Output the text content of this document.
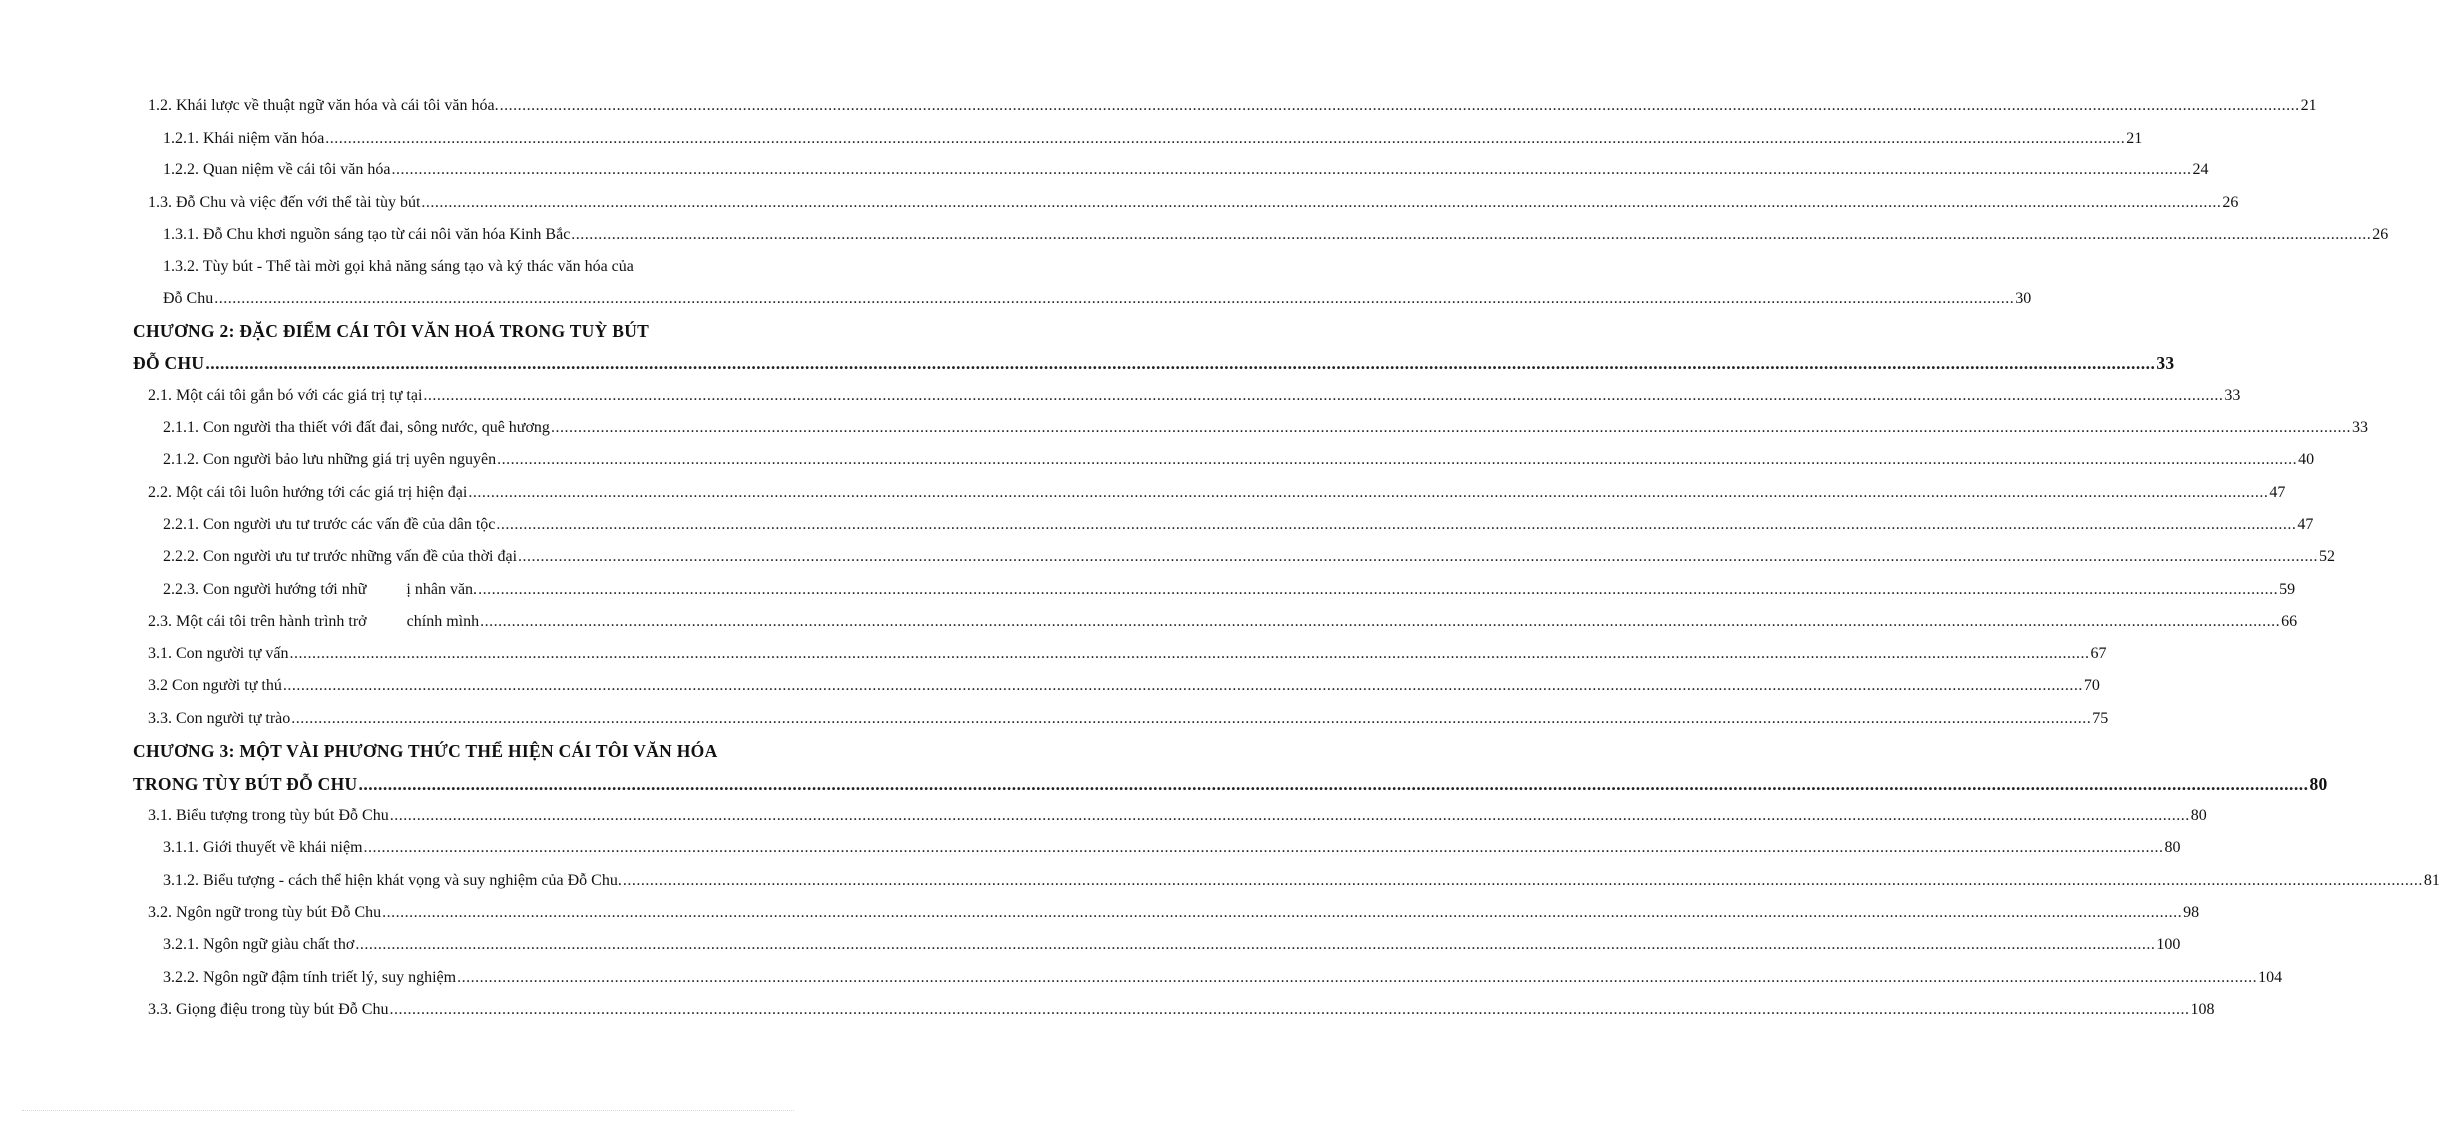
1.2. Khái lược về thuật ngữ văn hóa và cái tôi văn hóa. ................................................................................................................................................................................................................................................................................................................................................................................................................ 21
1.2.1. Khái niệm văn hóa ................................................................................................................................................................................................................................................................................................................................................................................................................ 21
1.2.2. Quan niệm về cái tôi văn hóa ................................................................................................................................................................................................................................................................................................................................................................................................................ 24
1.3. Đỗ Chu và việc đến với thể tài tùy bút ................................................................................................................................................................................................................................................................................................................................................................................................................ 26
1.3.1. Đỗ Chu khơi nguồn sáng tạo từ cái nôi văn hóa Kinh Bắc ................................................................................................................................................................................................................................................................................................................................................................................................................ 26
1.3.2. Tùy bút - Thể tài mời gọi khả năng sáng tạo và ký thác văn hóa của
Đỗ Chu ................................................................................................................................................................................................................................................................................................................................................................................................................ 30
CHƯƠNG 2: ĐẶC ĐIỂM CÁI TÔI VĂN HOÁ TRONG TUỲ BÚT
ĐỖ CHU ................................................................................................................................................................................................................................................................................................................................................................................................................ 33
2.1. Một cái tôi gắn bó với các giá trị tự tại ................................................................................................................................................................................................................................................................................................................................................................................................................ 33
2.1.1. Con người tha thiết với đất đai, sông nước, quê hương ................................................................................................................................................................................................................................................................................................................................................................................................................ 33
2.1.2. Con người bảo lưu những giá trị uyên nguyên ................................................................................................................................................................................................................................................................................................................................................................................................................ 40
2.2. Một cái tôi luôn hướng tới các giá trị hiện đại ................................................................................................................................................................................................................................................................................................................................................................................................................ 47
2.2.1. Con người ưu tư trước các vấn đề của dân tộc ................................................................................................................................................................................................................................................................................................................................................................................................................ 47
2.2.2. Con người ưu tư trước những vấn đề của thời đại ................................................................................................................................................................................................................................................................................................................................................................................................................ 52
2.2.3. Con người hướng tới nhữ          ị nhân văn. ................................................................................................................................................................................................................................................................................................................................................................................................................ 59
2.3. Một cái tôi trên hành trình trở          chính mình ................................................................................................................................................................................................................................................................................................................................................................................................................ 66
3.1. Con người tự vấn ................................................................................................................................................................................................................................................................................................................................................................................................................ 67
3.2 Con người tự thú ................................................................................................................................................................................................................................................................................................................................................................................................................ 70
3.3. Con người tự trào ................................................................................................................................................................................................................................................................................................................................................................................................................ 75
CHƯƠNG 3: MỘT VÀI PHƯƠNG THỨC THỂ HIỆN CÁI TÔI VĂN HÓA
TRONG TÙY BÚT ĐỖ CHU ................................................................................................................................................................................................................................................................................................................................................................................................................ 80
3.1. Biểu tượng trong tùy bút Đỗ Chu ................................................................................................................................................................................................................................................................................................................................................................................................................ 80
3.1.1. Giới thuyết về khái niệm ................................................................................................................................................................................................................................................................................................................................................................................................................ 80
3.1.2. Biểu tượng - cách thể hiện khát vọng và suy nghiệm của Đỗ Chu. ................................................................................................................................................................................................................................................................................................................................................................................................................ 81
3.2. Ngôn ngữ trong tùy bút Đỗ Chu ................................................................................................................................................................................................................................................................................................................................................................................................................ 98
3.2.1. Ngôn ngữ giàu chất thơ ................................................................................................................................................................................................................................................................................................................................................................................................................ 100
3.2.2. Ngôn ngữ đậm tính triết lý, suy nghiệm ................................................................................................................................................................................................................................................................................................................................................................................................................ 104
3.3. Giọng điệu trong tùy bút Đỗ Chu ................................................................................................................................................................................................................................................................................................................................................................................................................ 108
